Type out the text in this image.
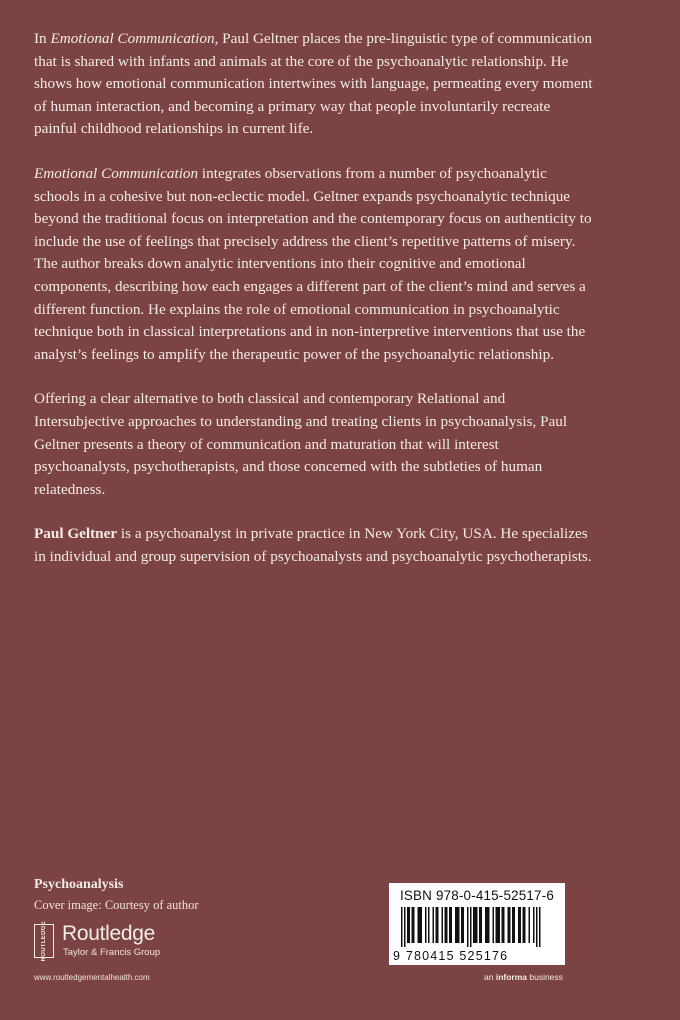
In Emotional Communication, Paul Geltner places the pre-linguistic type of communication that is shared with infants and animals at the core of the psychoanalytic relationship. He shows how emotional communication intertwines with language, permeating every moment of human interaction, and becoming a primary way that people involuntarily recreate painful childhood relationships in current life.

Emotional Communication integrates observations from a number of psychoanalytic schools in a cohesive but non-eclectic model. Geltner expands psychoanalytic technique beyond the traditional focus on interpretation and the contemporary focus on authenticity to include the use of feelings that precisely address the client’s repetitive patterns of misery. The author breaks down analytic interventions into their cognitive and emotional components, describing how each engages a different part of the client’s mind and serves a different function. He explains the role of emotional communication in psychoanalytic technique both in classical interpretations and in non-interpretive interventions that use the analyst’s feelings to amplify the therapeutic power of the psychoanalytic relationship.

Offering a clear alternative to both classical and contemporary Relational and Intersubjective approaches to understanding and treating clients in psychoanalysis, Paul Geltner presents a theory of communication and maturation that will interest psychoanalysts, psychotherapists, and those concerned with the subtleties of human relatedness.

Paul Geltner is a psychoanalyst in private practice in New York City, USA. He specializes in individual and group supervision of psychoanalysts and psychoanalytic psychotherapists.

Psychoanalysis
Cover image: Courtesy of author
ROUTLEDGE Routledge
Taylor & Francis Group
www.routledgementalhealth.com
ISBN 978-0-415-52517-6
9 780415 525176
an informa business
